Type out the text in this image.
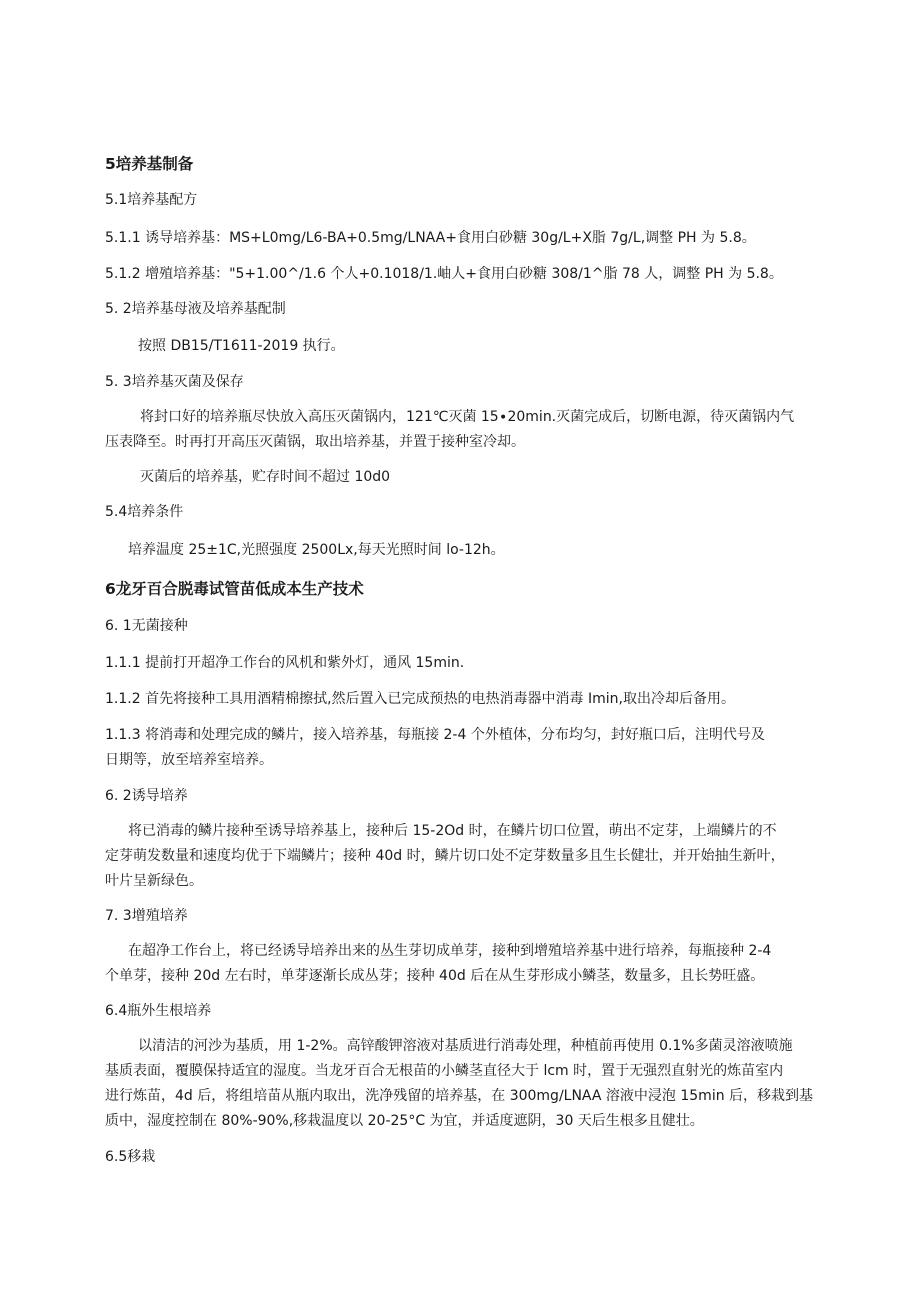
5培养基制备
5.1培养基配方
5.1.1 诱导培养基：MS+L0mg∕L6-BA+0.5mg∕LNAA+食用白砂糖 30g∕L+X脂 7g∕L,调整 PH 为 5.8。
5.1.2 增殖培养基："5+1.00^/1.6 个人+0.1018/1.岫人+食用白砂糖 308/1^脂 78 人，调整 PH 为 5.8。
5. 2培养基母液及培养基配制
按照 DB15/T1611-2019 执行。
5. 3培养基灭菌及保存
将封口好的培养瓶尽快放入高压灭菌锅内，121℃灭菌 15∙20min.灭菌完成后，切断电源，待灭菌锅内气
压表降至。时再打开高压灭菌锅，取出培养基，并置于接种室冷却。
灭菌后的培养基，贮存时间不超过 10d0
5.4培养条件
培养温度 25±1C,光照强度 2500Lx,每天光照时间 lo-12h。
6龙牙百合脱毒试管苗低成本生产技术
6. 1无菌接种
1.1.1 提前打开超净工作台的风机和紫外灯，通风 15min.
1.1.2 首先将接种工具用酒精棉擦拭,然后置入已完成预热的电热消毒器中消毒 Imin,取出冷却后备用。
1.1.3 将消毒和处理完成的鳞片，接入培养基，每瓶接 2-4 个外植体，分布均匀，封好瓶口后，注明代号及
日期等，放至培养室培养。
6. 2诱导培养
将已消毒的鳞片接种至诱导培养基上，接种后 15-2Od 时，在鳞片切口位置，萌出不定芽，上端鳞片的不
定芽萌发数量和速度均优于下端鳞片；接种 40d 时，鳞片切口处不定芽数量多且生长健壮，并开始抽生新叶，
叶片呈新绿色。
7. 3增殖培养
在超净工作台上，将已经诱导培养出来的丛生芽切成单芽，接种到增殖培养基中进行培养，每瓶接种 2-4
个单芽，接种 20d 左右时，单芽逐渐长成丛芽；接种 40d 后在从生芽形成小鳞茎，数量多，且长势旺盛。
6.4瓶外生根培养
以清洁的河沙为基质，用 1-2%。高锌酸钾溶液对基质进行消毒处理，种植前再使用 0.1%多菌灵溶液喷施
基质表面，覆膜保持适宜的湿度。当龙牙百合无根苗的小鳞茎直径大于 lcm 时，置于无强烈直射光的炼苗室内
进行炼苗，4d 后，将组培苗从瓶内取出，洗净残留的培养基，在 300mg∕LNAA 溶液中浸泡 15min 后，移栽到基
质中，湿度控制在 80%-90%,移栽温度以 20-25°C 为宜，并适度遮阴，30 天后生根多且健壮。
6.5移栽
